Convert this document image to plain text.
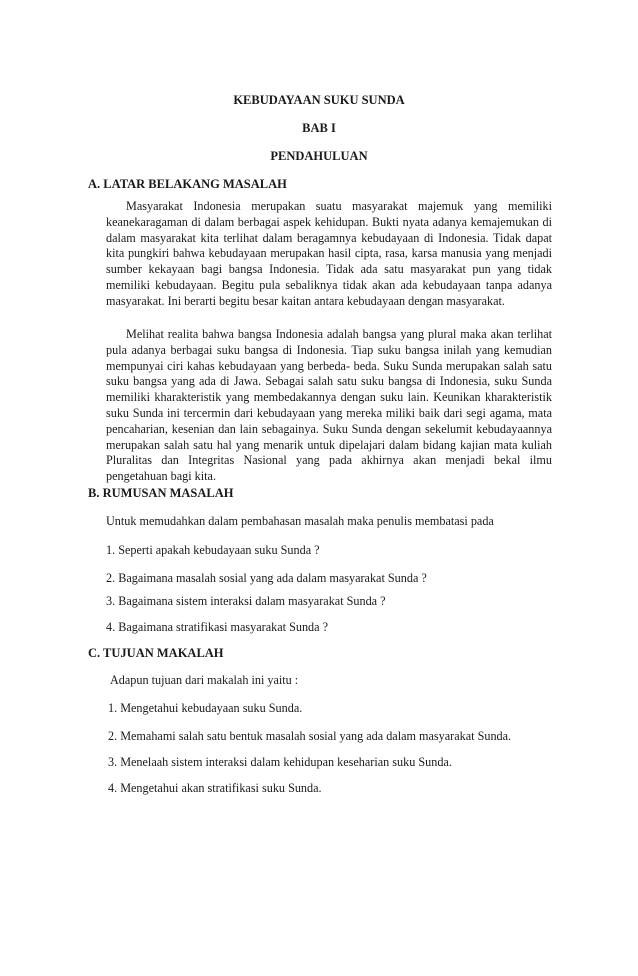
KEBUDAYAAN SUKU SUNDA
BAB I
PENDAHULUAN
A. LATAR BELAKANG MASALAH

Masyarakat Indonesia merupakan suatu masyarakat majemuk yang memiliki keanekaragaman di dalam berbagai aspek kehidupan. Bukti nyata adanya kemajemukan di dalam masyarakat kita terlihat dalam beragamnya kebudayaan di Indonesia. Tidak dapat kita pungkiri bahwa kebudayaan merupakan hasil cipta, rasa, karsa manusia yang menjadi sumber kekayaan bagi bangsa Indonesia. Tidak ada satu masyarakat pun yang tidak memiliki kebudayaan. Begitu pula sebaliknya tidak akan ada kebudayaan tanpa adanya masyarakat. Ini berarti begitu besar kaitan antara kebudayaan dengan masyarakat.

Melihat realita bahwa bangsa Indonesia adalah bangsa yang plural maka akan terlihat pula adanya berbagai suku bangsa di Indonesia. Tiap suku bangsa inilah yang kemudian mempunyai ciri kahas kebudayaan yang berbeda- beda. Suku Sunda merupakan salah satu suku bangsa yang ada di Jawa. Sebagai salah satu suku bangsa di Indonesia, suku Sunda memiliki kharakteristik yang membedakannya dengan suku lain. Keunikan kharakteristik suku Sunda ini tercermin dari kebudayaan yang mereka miliki baik dari segi agama, mata pencaharian, kesenian dan lain sebagainya. Suku Sunda dengan sekelumit kebudayaannya merupakan salah satu hal yang menarik untuk dipelajari dalam bidang kajian mata kuliah Pluralitas dan Integritas Nasional yang pada akhirnya akan menjadi bekal ilmu pengetahuan bagi kita.

B. RUMUSAN MASALAH

Untuk memudahkan dalam pembahasan masalah maka penulis membatasi pada

1. Seperti apakah kebudayaan suku Sunda ?

2. Bagaimana masalah sosial yang ada dalam masyarakat Sunda ?

3. Bagaimana sistem interaksi dalam masyarakat Sunda ?

4. Bagaimana stratifikasi masyarakat Sunda ?

C. TUJUAN MAKALAH

Adapun tujuan dari makalah ini yaitu :

1. Mengetahui kebudayaan suku Sunda.

2. Memahami salah satu bentuk masalah sosial yang ada dalam masyarakat Sunda.

3. Menelaah sistem interaksi dalam kehidupan keseharian suku Sunda.

4. Mengetahui akan stratifikasi suku Sunda.
